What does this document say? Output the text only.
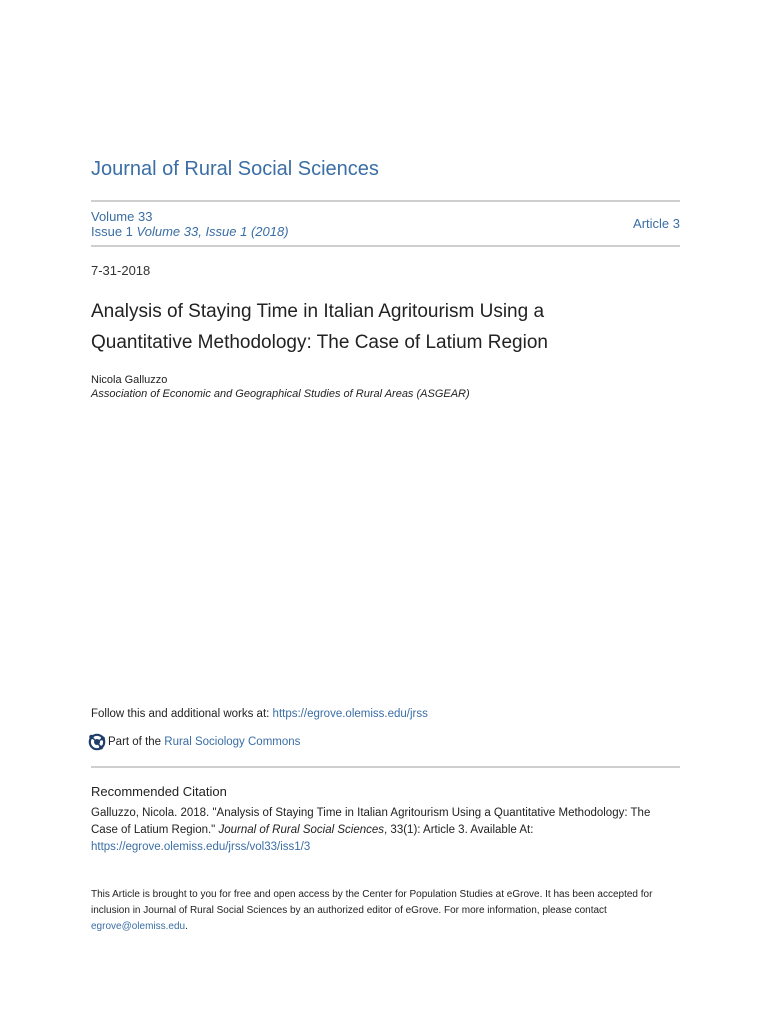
Journal of Rural Social Sciences
Volume 33
Issue 1 Volume 33, Issue 1 (2018)
Article 3
7-31-2018
Analysis of Staying Time in Italian Agritourism Using a
Quantitative Methodology: The Case of Latium Region
Nicola Galluzzo
Association of Economic and Geographical Studies of Rural Areas (ASGEAR)
Follow this and additional works at: https://egrove.olemiss.edu/jrss
Part of the
Rural Sociology Commons
Recommended Citation
Galluzzo, Nicola. 2018. "Analysis of Staying Time in Italian Agritourism Using a Quantitative Methodology: The Case of Latium Region." Journal of Rural Social Sciences, 33(1): Article 3. Available At:
https://egrove.olemiss.edu/jrss/vol33/iss1/3
This Article is brought to you for free and open access by the Center for Population Studies at eGrove. It has been accepted for inclusion in Journal of Rural Social Sciences by an authorized editor of eGrove. For more information, please contact egrove@olemiss.edu.
